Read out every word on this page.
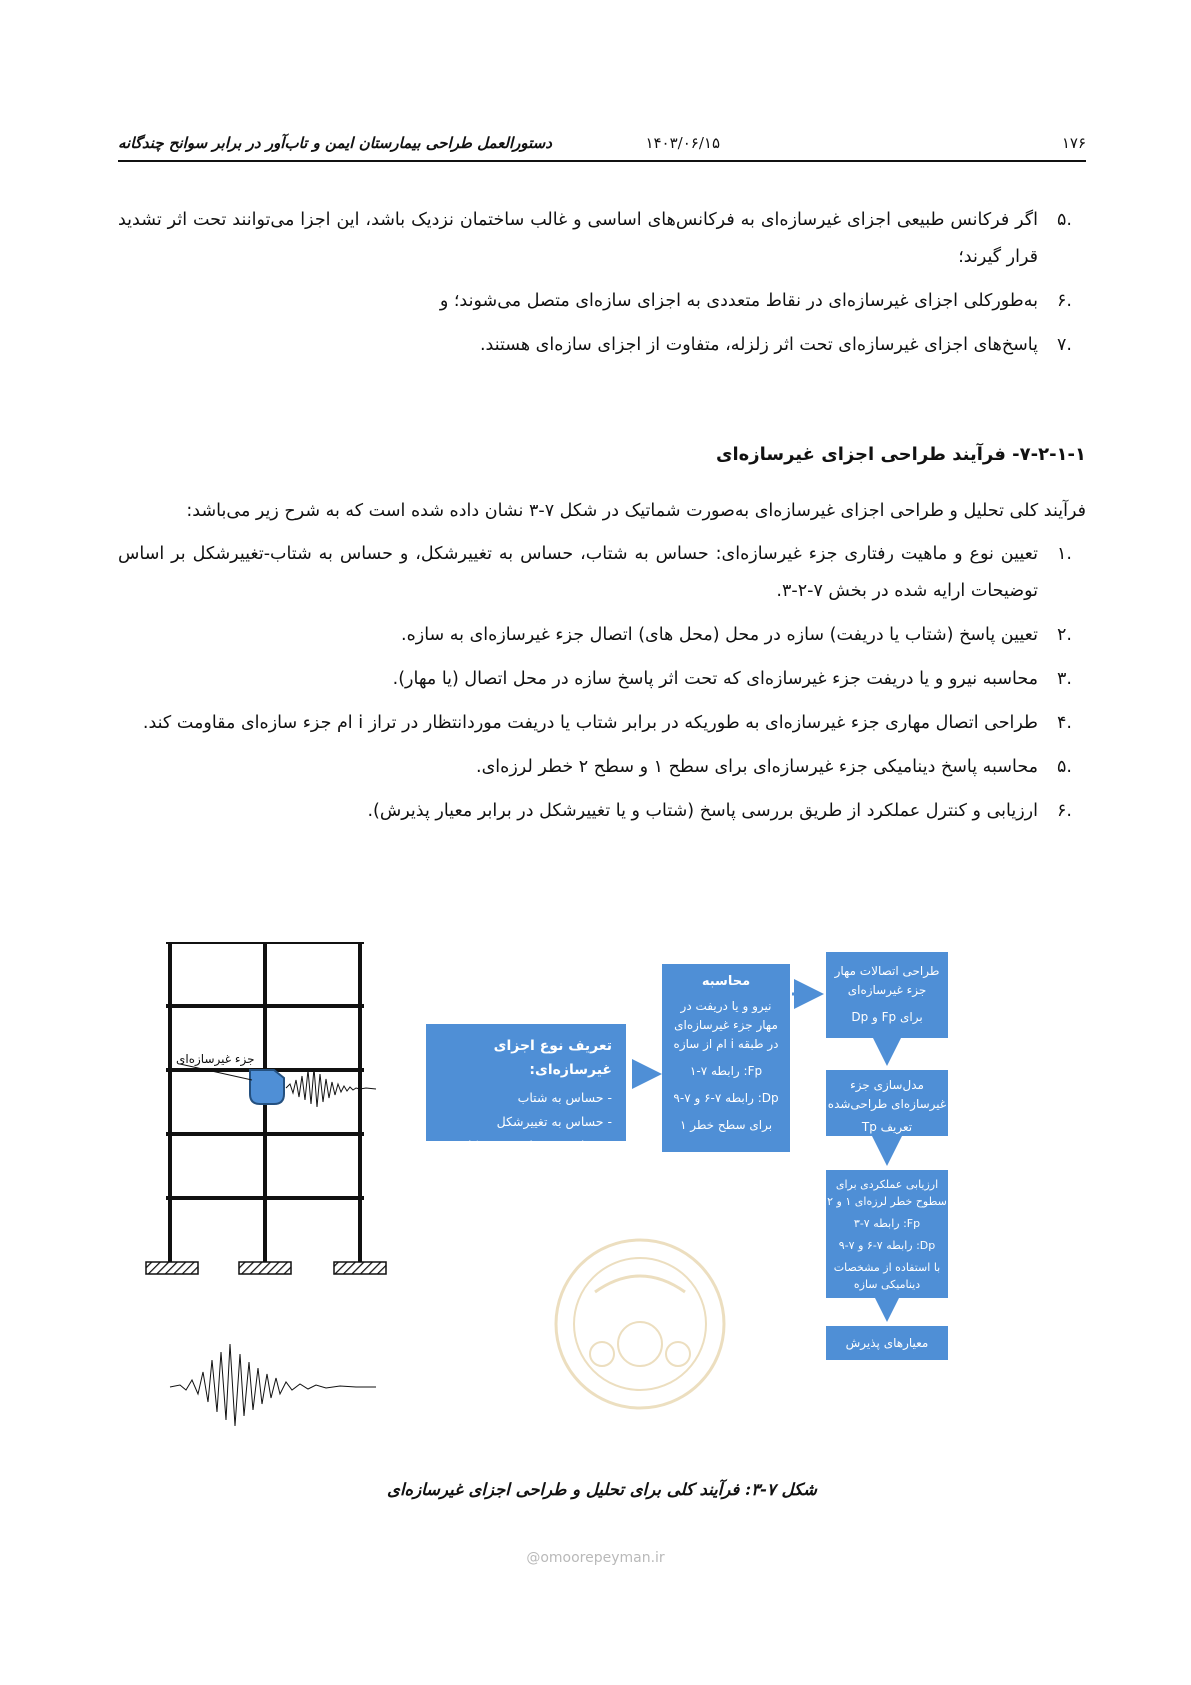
۱۷۶
۱۴۰۳/۰۶/۱۵
دستورالعمل طراحی بیمارستان ایمن و تاب‌آور در برابر سوانح چندگانه
.۵
اگر فرکانس طبیعی اجزای غیرسازه‌ای به فرکانس‌های اساسی و غالب ساختمان نزدیک باشد، این اجزا می‌توانند تحت اثر تشدید قرار گیرند؛
.۶
به‌طورکلی اجزای غیرسازه‌ای در نقاط متعددی به اجزای سازه‌ای متصل می‌شوند؛ و
.۷
پاسخ‌های اجزای غیرسازه‌ای تحت اثر زلزله، متفاوت از اجزای سازه‌ای هستند.
۷-۲-۱-۱- فرآیند طراحی اجزای غیرسازه‌ای

فرآیند کلی تحلیل و طراحی اجزای غیرسازه‌ای به‌صورت شماتیک در شکل ۷-۳ نشان داده شده است که به شرح زیر می‌باشد:

.۱
تعیین نوع و ماهیت رفتاری جزء غیرسازه‌ای: حساس به شتاب، حساس به تغییرشکل، و حساس به شتاب-تغییرشکل بر اساس توضیحات ارایه شده در بخش ۷-۲-۳.
.۲
تعیین پاسخ (شتاب یا دریفت) سازه در محل (محل های) اتصال جزء غیرسازه‌ای به سازه.
.۳
محاسبه نیرو و یا دریفت جزء غیرسازه‌ای که تحت اثر پاسخ سازه در محل اتصال (یا مهار).
.۴
طراحی اتصال مهاری جزء غیرسازه‌ای به طوریکه در برابر شتاب یا دریفت موردانتظار در تراز i ام جزء سازه‌ای مقاومت کند.
.۵
محاسبه پاسخ دینامیکی جزء غیرسازه‌ای برای سطح ۱ و سطح ۲ خطر لرزه‌ای.
.۶
ارزیابی و کنترل عملکرد از طریق بررسی پاسخ (شتاب و یا تغییرشکل در برابر معیار پذیرش).
جزء غیرسازه‌ای
تعریف نوع اجزای غیرسازه‌ای:
- حساس به شتاب
- حساس به تغییرشکل
- حساس به شتاب-تغییرشکل
محاسبه
نیرو و یا دریفت در
مهار جزء غیرسازه‌ای
در طبقه i ام از سازه
Fp: رابطه ۷-۱
Dp: رابطه ۷-۶ و ۷-۹
برای سطح خطر ۱
طراحی اتصالات مهار
جزء غیرسازه‌ای
برای Fp و Dp
مدل‌سازی جزء
غیرسازه‌ای طراحی‌شده
تعریف Tp
ارزیابی عملکردی برای
سطوح خطر لرزه‌ای ۱ و ۲
Fp: رابطه ۷-۳
Dp: رابطه ۷-۶ و ۷-۹
با استفاده از مشخصات
دینامیکی سازه
معیارهای پذیرش
شکل ۷-۳: فرآیند کلی برای تحلیل و طراحی اجزای غیرسازه‌ای
@omoorepeyman.ir
